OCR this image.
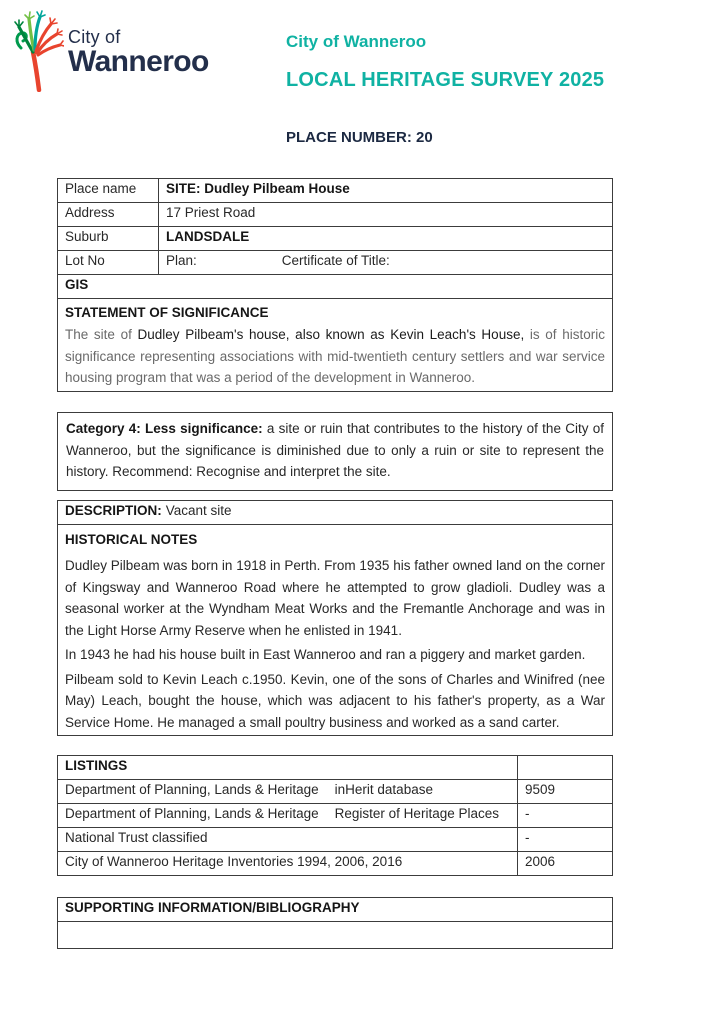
City of
Wanneroo
City of Wanneroo
LOCAL HERITAGE SURVEY 2025
PLACE NUMBER: 20
Place name	SITE: Dudley Pilbeam House
Address	17 Priest Road
Suburb	LANDSDALE
Lot No	Plan: Certificate of Title:
GIS	

STATEMENT OF SIGNIFICANCE
The site of Dudley Pilbeam's house, also known as Kevin Leach's House, is of historic significance representing associations with mid-twentieth century settlers and war service housing program that was a period of the development in Wanneroo.	
Category 4: Less significance: a site or ruin that contributes to the history of the City of Wanneroo, but the significance is diminished due to only a ruin or site to represent the history. Recommend: Recognise and interpret the site.
DESCRIPTION: Vacant site

HISTORICAL NOTES
Dudley Pilbeam was born in 1918 in Perth. From 1935 his father owned land on the corner of Kingsway and Wanneroo Road where he attempted to grow gladioli. Dudley was a seasonal worker at the Wyndham Meat Works and the Fremantle Anchorage and was in the Light Horse Army Reserve when he enlisted in 1941.
In 1943 he had his house built in East Wanneroo and ran a piggery and market garden.
Pilbeam sold to Kevin Leach c.1950. Kevin, one of the sons of Charles and Winifred (nee May) Leach, bought the house, which was adjacent to his father's property, as a War Service Home. He managed a small poultry business and worked as a sand carter.
LISTINGS	
Department of Planning, Lands & Heritage inHerit database	9509
Department of Planning, Lands & Heritage Register of Heritage Places	-
National Trust classified	-
City of Wanneroo Heritage Inventories 1994, 2006, 2016	2006
SUPPORTING INFORMATION/BIBLIOGRAPHY
